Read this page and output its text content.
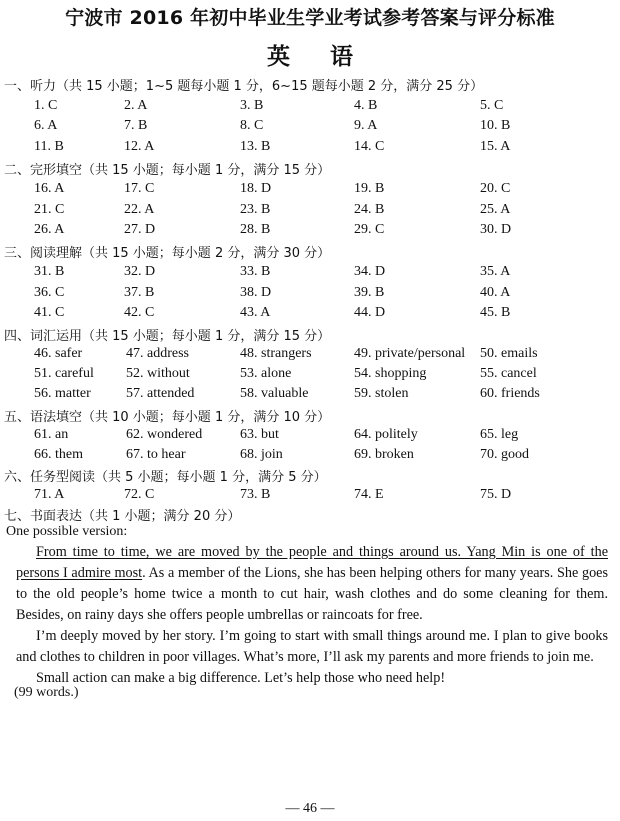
宁波市 2016 年初中毕业生学业考试参考答案与评分标准
英语
一、听力（共 15 小题；1~5 题每小题 1 分，6~15 题每小题 2 分，满分 25 分）
1. C	2. A	3. B	4. B	5. C
6. A	7. B	8. C	9. A	10. B
11. B	12. A	13. B	14. C	15. A
二、完形填空（共 15 小题；每小题 1 分，满分 15 分）
16. A	17. C	18. D	19. B	20. C
21. C	22. A	23. B	24. B	25. A
26. A	27. D	28. B	29. C	30. D
三、阅读理解（共 15 小题；每小题 2 分，满分 30 分）
31. B	32. D	33. B	34. D	35. A
36. C	37. B	38. D	39. B	40. A
41. C	42. C	43. A	44. D	45. B
四、词汇运用（共 15 小题；每小题 1 分，满分 15 分）
46. safer	47. address	48. strangers	49. private/personal 50. emails
51. careful 52. without	53. alone	54. shopping	55. cancel
56. matter	57. attended	58. valuable	59. stolen	60. friends
五、语法填空（共 10 小题；每小题 1 分，满分 10 分）
61. an	62. wondered	63. but	64. politely	65. leg
66. them	67. to hear	68. join	69. broken	70. good
六、任务型阅读（共 5 小题；每小题 1 分，满分 5 分）
71. A	72. C	73. B	74. E	75. D
七、书面表达（共 1 小题；满分 20 分）
One possible version:

From time to time, we are moved by the people and things around us. Yang Min is one of the persons I admire most. As a member of the Lions, she has been helping others for many years. She goes to the old people’s home twice a month to cut hair, wash clothes and do some cleaning for them. Besides, on rainy days she offers people umbrellas or raincoats for free.

I’m deeply moved by her story. I’m going to start with small things around me. I plan to give books and clothes to children in poor villages. What’s more, I’ll ask my parents and more friends to join me.

Small action can make a big difference. Let’s help those who need help!

(99 words.)
— 46 —
